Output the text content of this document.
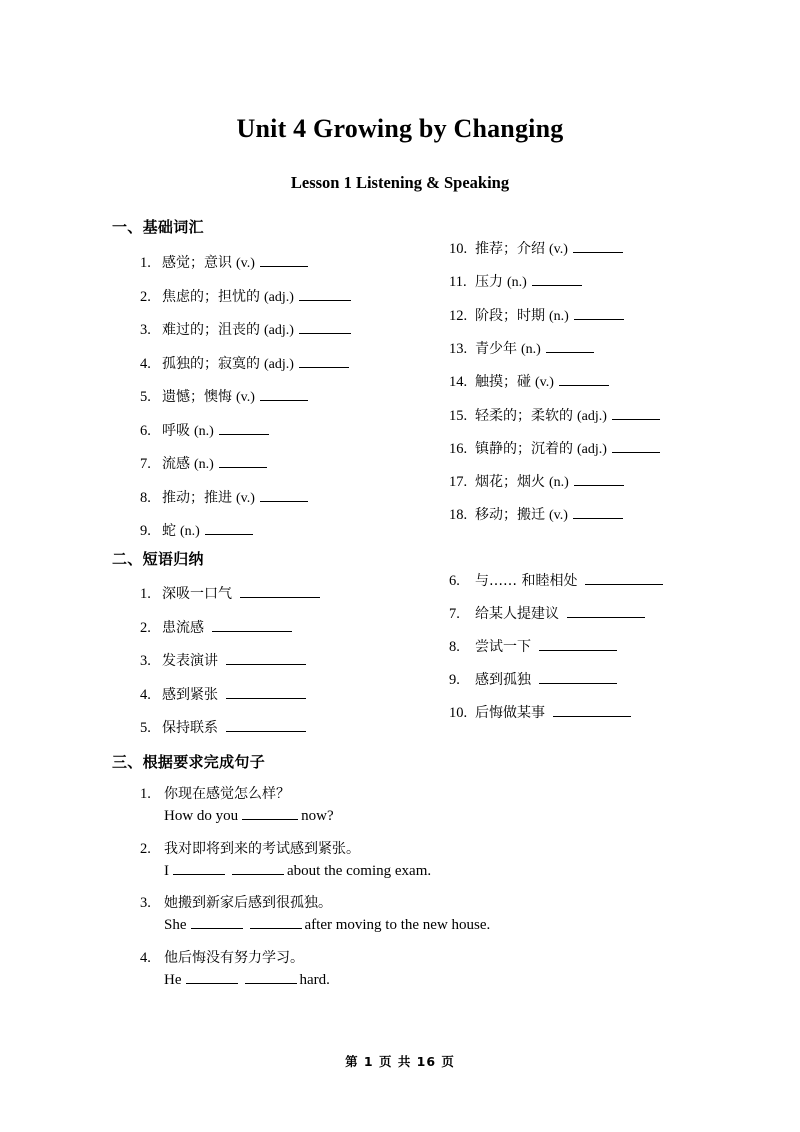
Unit 4 Growing by Changing
Lesson 1 Listening & Speaking
一、基础词汇
1. 感觉；意识 (v.)
2. 焦虑的；担忧的 (adj.)
3. 难过的；沮丧的 (adj.)
4. 孤独的；寂寞的 (adj.)
5. 遗憾；懊悔 (v.)
6. 呼吸 (n.)
7. 流感 (n.)
8. 推动；推进 (v.)
9. 蛇 (n.)
10. 推荐；介绍 (v.)
11. 压力 (n.)
12. 阶段；时期 (n.)
13. 青少年 (n.)
14. 触摸；碰 (v.)
15. 轻柔的；柔软的 (adj.)
16. 镇静的；沉着的 (adj.)
17. 烟花；烟火 (n.)
18. 移动；搬迁 (v.)
二、短语归纳
1. 深吸一口气
2. 患流感
3. 发表演讲
4. 感到紧张
5. 保持联系
6.	与…… 和睦相处
7.	给某人提建议
8.	尝试一下
9.	感到孤独
10. 后悔做某事
三、根据要求完成句子
1. 你现在感觉怎么样？
How do you	now?
2. 我对即将到来的考试感到紧张。
I	about the coming exam.
3. 她搬到新家后感到很孤独。
She	after moving to the new house.
4. 他后悔没有努力学习。
He	hard.
第 1 页 共 16 页
